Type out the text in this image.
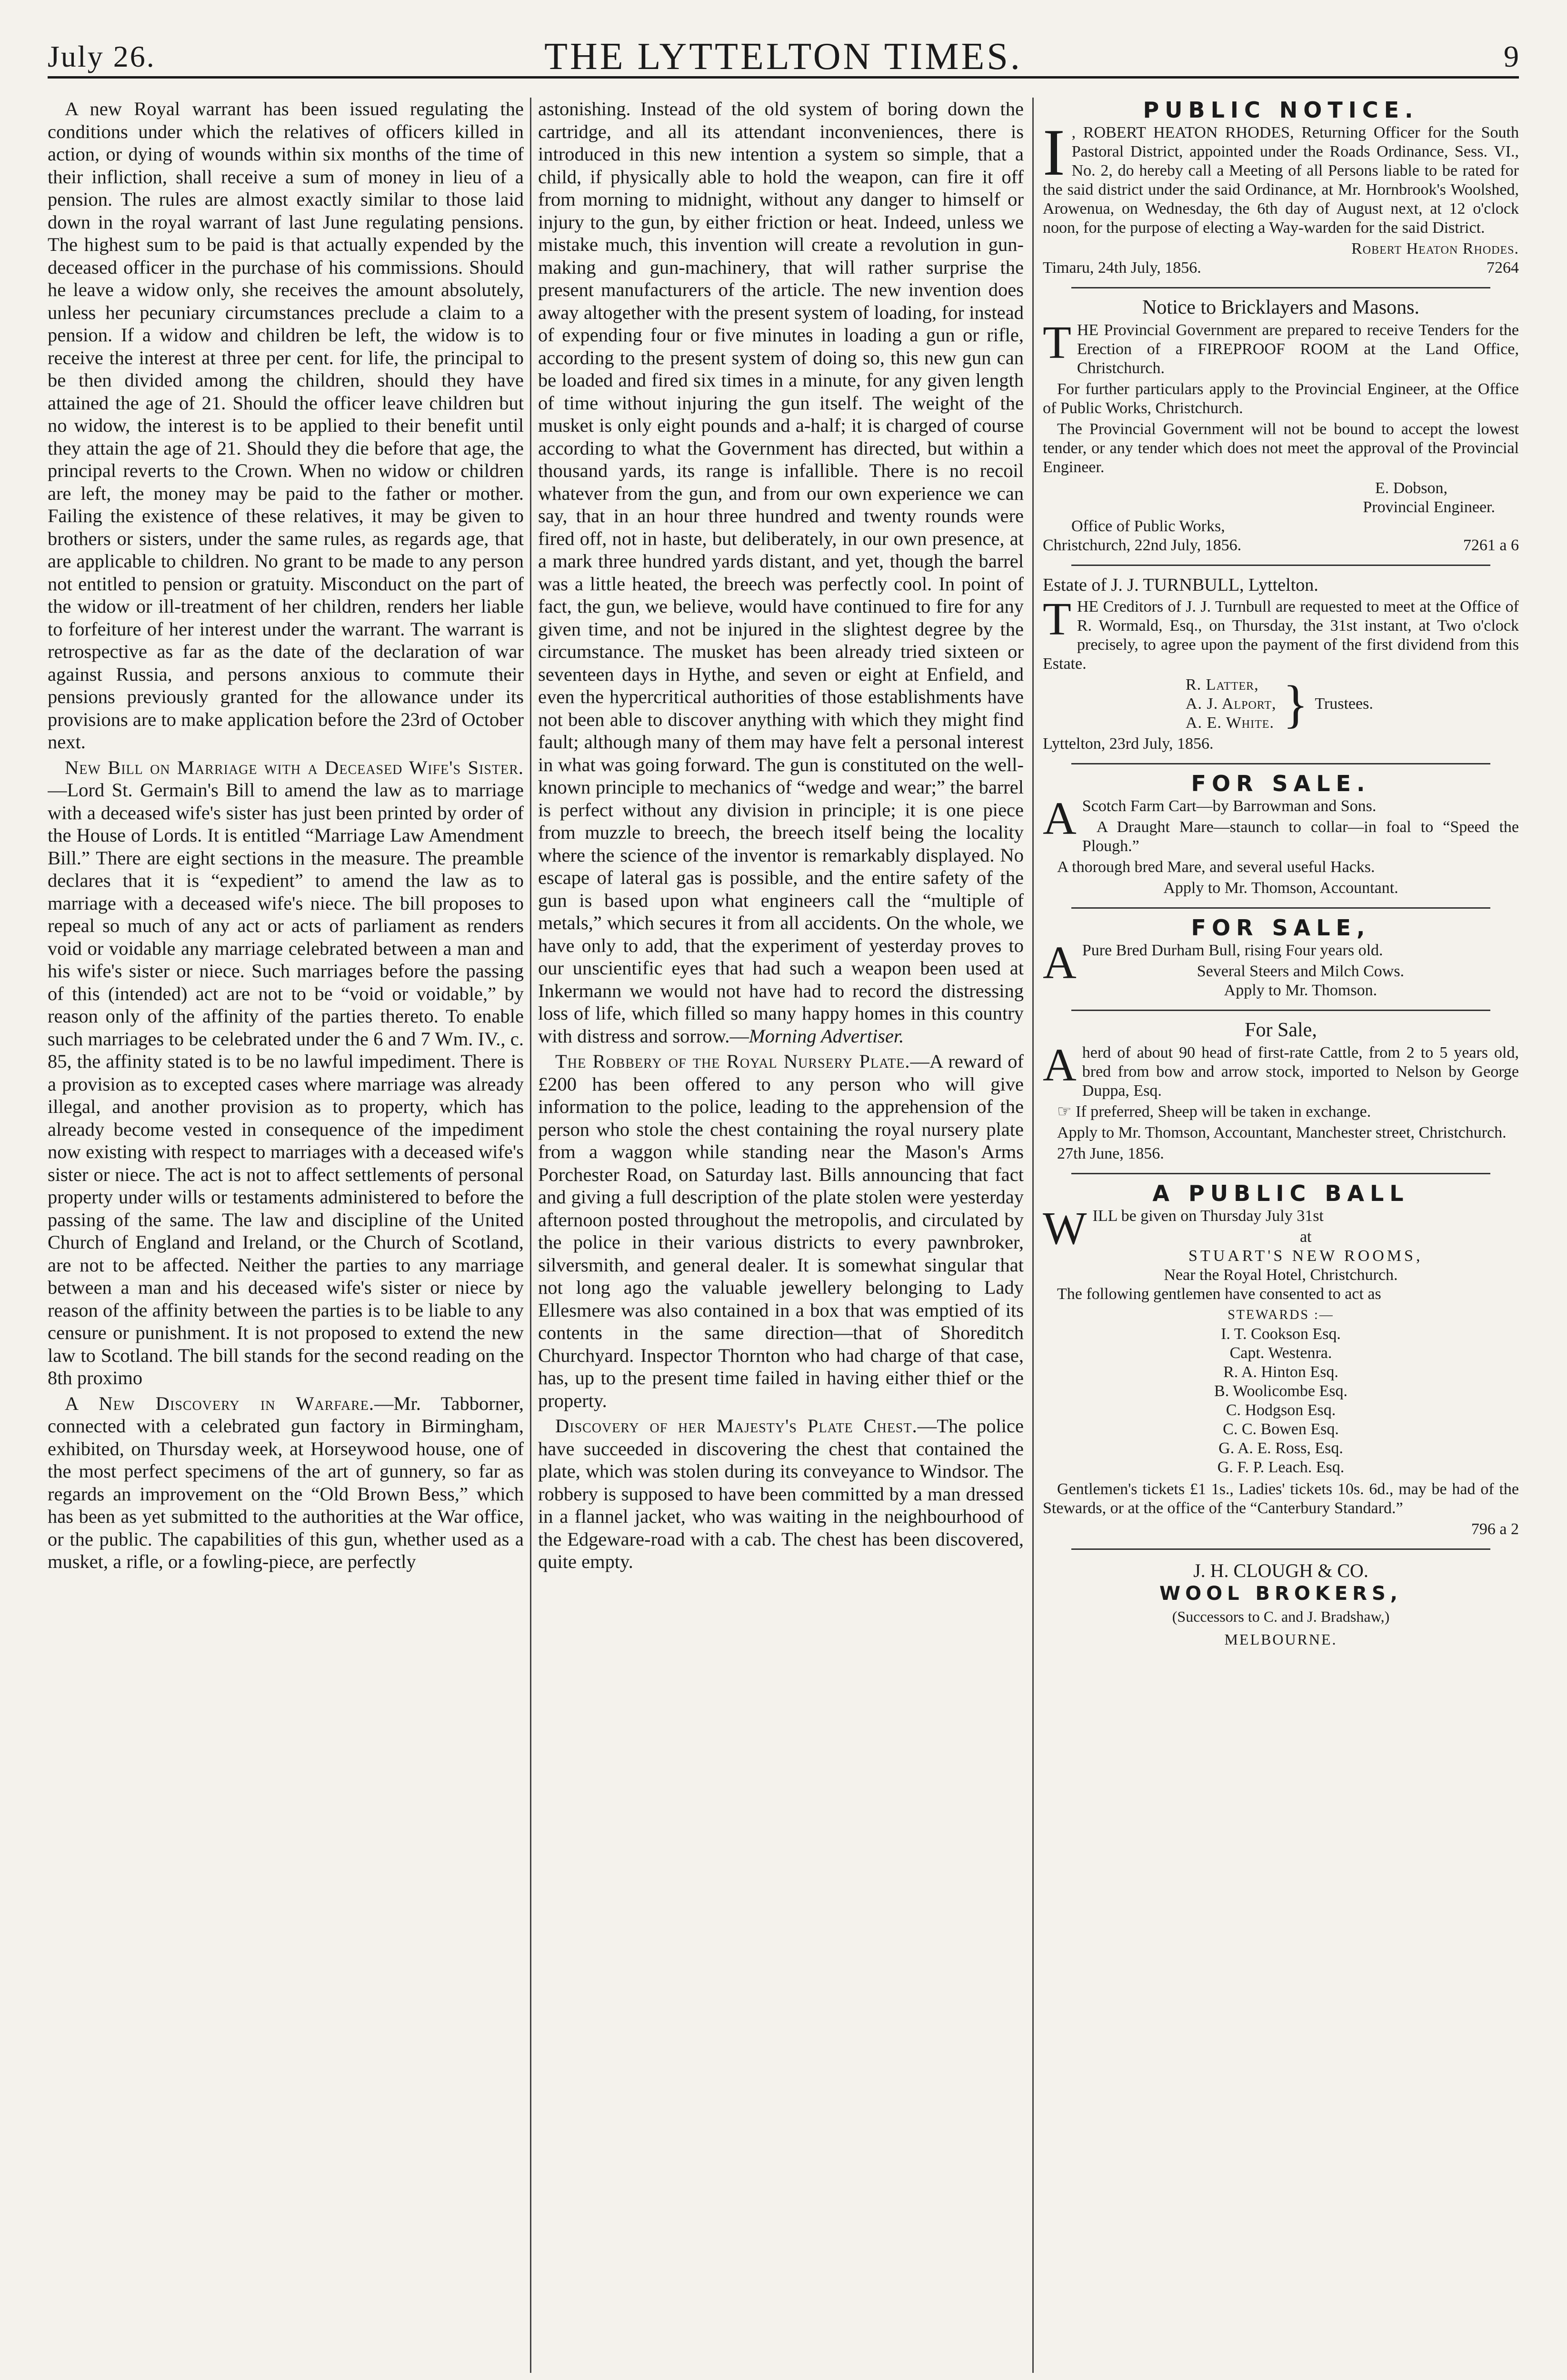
July 26.	THE LYTTELTON TIMES.	9

A new Royal warrant has been issued regulating the conditions under which the relatives of officers killed in action, or dying of wounds within six months of the time of their infliction, shall receive a sum of money in lieu of a pension. The rules are almost exactly similar to those laid down in the royal warrant of last June regulating pensions. The highest sum to be paid is that actually expended by the deceased officer in the purchase of his commissions. Should he leave a widow only, she receives the amount absolutely, unless her pecuniary circumstances preclude a claim to a pension. If a widow and children be left, the widow is to receive the interest at three per cent. for life, the principal to be then divided among the children, should they have attained the age of 21. Should the officer leave children but no widow, the interest is to be applied to their benefit until they attain the age of 21. Should they die before that age, the principal reverts to the Crown. When no widow or children are left, the money may be paid to the father or mother. Failing the existence of these relatives, it may be given to brothers or sisters, under the same rules, as regards age, that are applicable to children. No grant to be made to any person not entitled to pension or gratuity. Misconduct on the part of the widow or ill-treatment of her children, renders her liable to forfeiture of her interest under the warrant. The warrant is retrospective as far as the date of the declaration of war against Russia, and persons anxious to commute their pensions previously granted for the allowance under its provisions are to make application before the 23rd of October next.

New Bill on Marriage with a Deceased Wife's Sister.—Lord St. Germain's Bill to amend the law as to marriage with a deceased wife's sister has just been printed by order of the House of Lords. It is entitled “Marriage Law Amendment Bill.” There are eight sections in the measure. The preamble declares that it is “expedient” to amend the law as to marriage with a deceased wife's niece. The bill proposes to repeal so much of any act or acts of parliament as renders void or voidable any marriage celebrated between a man and his wife's sister or niece. Such marriages before the passing of this (intended) act are not to be “void or voidable,” by reason only of the affinity of the parties thereto. To enable such marriages to be celebrated under the 6 and 7 Wm. IV., c. 85, the affinity stated is to be no lawful impediment. There is a provision as to excepted cases where marriage was already illegal, and another provision as to property, which has already become vested in consequence of the impediment now existing with respect to marriages with a deceased wife's sister or niece. The act is not to affect settlements of personal property under wills or testaments administered to before the passing of the same. The law and discipline of the United Church of England and Ireland, or the Church of Scotland, are not to be affected. Neither the parties to any marriage between a man and his deceased wife's sister or niece by reason of the affinity between the parties is to be liable to any censure or punishment. It is not proposed to extend the new law to Scotland. The bill stands for the second reading on the 8th proximo

A New Discovery in Warfare.—Mr. Tabborner, connected with a celebrated gun factory in Birmingham, exhibited, on Thursday week, at Horseywood house, one of the most perfect specimens of the art of gunnery, so far as regards an improvement on the “Old Brown Bess,” which has been as yet submitted to the authorities at the War office, or the public. The capabilities of this gun, whether used as a musket, a rifle, or a fowling-piece, are perfectly

astonishing. Instead of the old system of boring down the cartridge, and all its attendant inconveniences, there is introduced in this new intention a system so simple, that a child, if physically able to hold the weapon, can fire it off from morning to midnight, without any danger to himself or injury to the gun, by either friction or heat. Indeed, unless we mistake much, this invention will create a revolution in gun-making and gun-machinery, that will rather surprise the present manufacturers of the article. The new invention does away altogether with the present system of loading, for instead of expending four or five minutes in loading a gun or rifle, according to the present system of doing so, this new gun can be loaded and fired six times in a minute, for any given length of time without injuring the gun itself. The weight of the musket is only eight pounds and a-half; it is charged of course according to what the Government has directed, but within a thousand yards, its range is infallible. There is no recoil whatever from the gun, and from our own experience we can say, that in an hour three hundred and twenty rounds were fired off, not in haste, but deliberately, in our own presence, at a mark three hundred yards distant, and yet, though the barrel was a little heated, the breech was perfectly cool. In point of fact, the gun, we believe, would have continued to fire for any given time, and not be injured in the slightest degree by the circumstance. The musket has been already tried sixteen or seventeen days in Hythe, and seven or eight at Enfield, and even the hypercritical authorities of those establishments have not been able to discover anything with which they might find fault; although many of them may have felt a personal interest in what was going forward. The gun is constituted on the well-known principle to mechanics of “wedge and wear;” the barrel is perfect without any division in principle; it is one piece from muzzle to breech, the breech itself being the locality where the science of the inventor is remarkably displayed. No escape of lateral gas is possible, and the entire safety of the gun is based upon what engineers call the “multiple of metals,” which secures it from all accidents. On the whole, we have only to add, that the experiment of yesterday proves to our unscientific eyes that had such a weapon been used at Inkermann we would not have had to record the distressing loss of life, which filled so many happy homes in this country with distress and sorrow.—Morning Advertiser.

The Robbery of the Royal Nursery Plate.—A reward of £200 has been offered to any person who will give information to the police, leading to the apprehension of the person who stole the chest containing the royal nursery plate from a waggon while standing near the Mason's Arms Porchester Road, on Saturday last. Bills announcing that fact and giving a full description of the plate stolen were yesterday afternoon posted throughout the metropolis, and circulated by the police in their various districts to every pawnbroker, silversmith, and general dealer. It is somewhat singular that not long ago the valuable jewellery belonging to Lady Ellesmere was also contained in a box that was emptied of its contents in the same direction—that of Shoreditch Churchyard. Inspector Thornton who had charge of that case, has, up to the present time failed in having either thief or the property.

Discovery of her Majesty's Plate Chest.—The police have succeeded in discovering the chest that contained the plate, which was stolen during its conveyance to Windsor. The robbery is supposed to have been committed by a man dressed in a flannel jacket, who was waiting in the neighbourhood of the Edgeware-road with a cab. The chest has been discovered, quite empty.

PUBLIC NOTICE.

I , ROBERT HEATON RHODES, Returning Officer for the South Pastoral District, appointed under the Roads Ordinance, Sess. VI., No. 2, do hereby call a Meeting of all Persons liable to be rated for the said district under the said Ordinance, at Mr. Hornbrook's Woolshed, Arowenua, on Wednesday, the 6th day of August next, at 12 o'clock noon, for the purpose of electing a Way-warden for the said District.

Robert Heaton Rhodes.
Timaru, 24th July, 1856.	7264
Notice to Bricklayers and Masons.

THE Provincial Government are prepared to receive Tenders for the Erection of a FIREPROOF ROOM at the Land Office, Christchurch.

For further particulars apply to the Provincial Engineer, at the Office of Public Works, Christchurch.

The Provincial Government will not be bound to accept the lowest tender, or any tender which does not meet the approval of the Provincial Engineer.

E. Dobson,
Provincial Engineer.
Office of Public Works,
Christchurch, 22nd July, 1856.	7261 a 6
Estate of J. J. TURNBULL, Lyttelton.

THE Creditors of J. J. Turnbull are requested to meet at the Office of R. Wormald, Esq., on Thursday, the 31st instant, at Two o'clock precisely, to agree upon the payment of the first dividend from this Estate.

R. Latter,
A. J. Alport,
A. E. White. } Trustees.
Lyttelton, 23rd July, 1856.
FOR SALE.

A Scotch Farm Cart—by Barrowman and Sons.

A Draught Mare—staunch to collar—in foal to “Speed the Plough.”

A thorough bred Mare, and several useful Hacks.

Apply to Mr. Thomson, Accountant.
FOR SALE,

A Pure Bred Durham Bull, rising Four years old.

Several Steers and Milch Cows.
Apply to Mr. Thomson.
For Sale,

Aherd of about 90 head of first-rate Cattle, from 2 to 5 years old, bred from bow and arrow stock, imported to Nelson by George Duppa, Esq.

☞ If preferred, Sheep will be taken in exchange.

Apply to Mr. Thomson, Accountant, Manchester street, Christchurch.

27th June, 1856.
A PUBLIC BALL

WILL be given on Thursday July 31st

at
STUART'S NEW ROOMS,
Near the Royal Hotel, Christchurch.

The following gentlemen have consented to act as

STEWARDS :—
I. T. Cookson Esq.
Capt. Westenra.
R. A. Hinton Esq.
B. Woolicombe Esq.
C. Hodgson Esq.
C. C. Bowen Esq.
G. A. E. Ross, Esq.
G. F. P. Leach. Esq.

Gentlemen's tickets £1 1s., Ladies' tickets 10s. 6d., may be had of the Stewards, or at the office of the “Canterbury Standard.”

796 a 2
J. H. CLOUGH & CO.
WOOL BROKERS,
(Successors to C. and J. Bradshaw,)
MELBOURNE.
